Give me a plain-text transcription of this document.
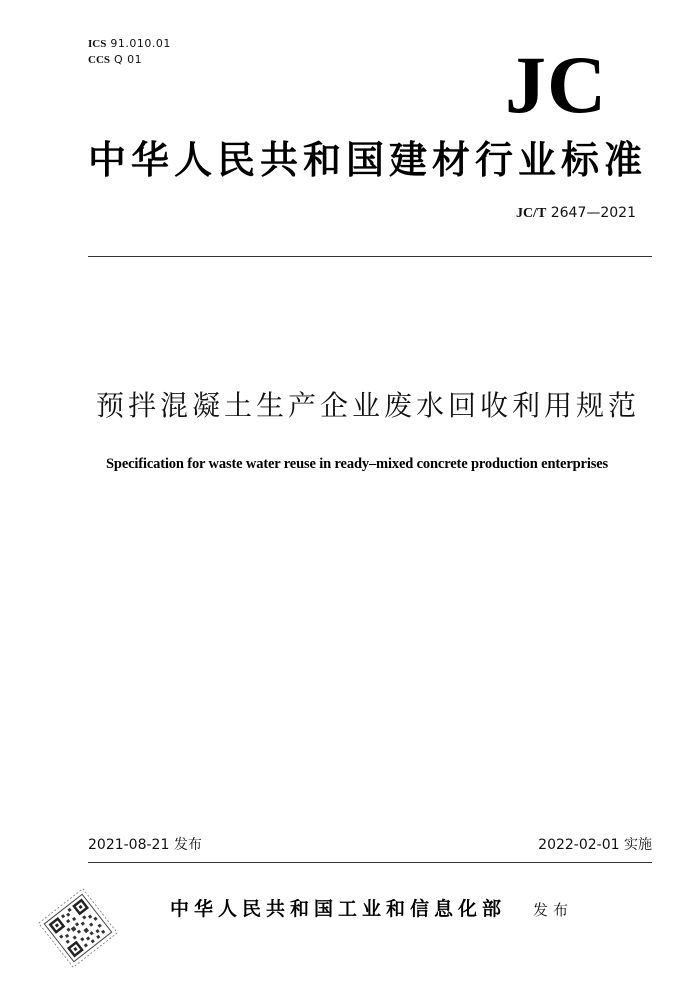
ICS 91.010.01
CCS Q 01	JC
中华人民共和国建材行业标准
JC/T 2647—2021
预拌混凝土生产企业废水回收利用规范
Specification for waste water reuse in ready–mixed concrete production enterprises
2021-08-21 发布	2022-02-01 实施
中华人民共和国工业和信息化部 发布
